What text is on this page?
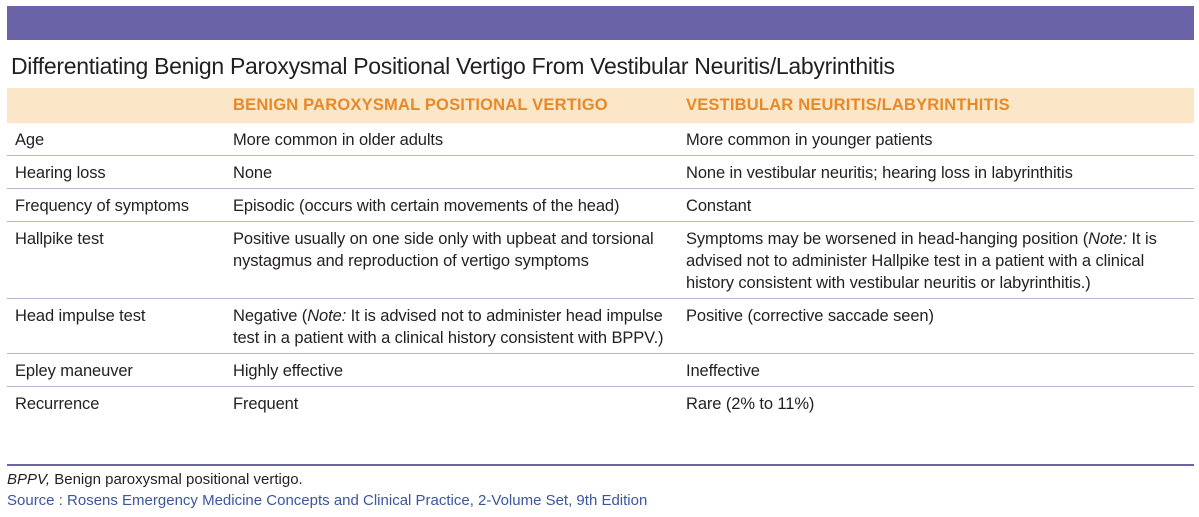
Differentiating Benign Paroxysmal Positional Vertigo From Vestibular Neuritis/Labyrinthitis
	BENIGN PAROXYSMAL POSITIONAL VERTIGO	VESTIBULAR NEURITIS/LABYRINTHITIS
Age	More common in older adults	More common in younger patients
Hearing loss	None	None in vestibular neuritis; hearing loss in labyrinthitis
Frequency of symptoms	Episodic (occurs with certain movements of the head)	Constant
Hallpike test	Positive usually on one side only with upbeat and torsional nystagmus and reproduction of vertigo symptoms	Symptoms may be worsened in head-hanging position (Note: It is advised not to administer Hallpike test in a patient with a clinical history consistent with vestibular neuritis or labyrinthitis.)
Head impulse test	Negative (Note: It is advised not to administer head impulse test in a patient with a clinical history consistent with BPPV.)	Positive (corrective saccade seen)
Epley maneuver	Highly effective	Ineffective
Recurrence	Frequent	Rare (2% to 11%)
BPPV, Benign paroxysmal positional vertigo.
Source : Rosens Emergency Medicine Concepts and Clinical Practice, 2-Volume Set, 9th Edition
